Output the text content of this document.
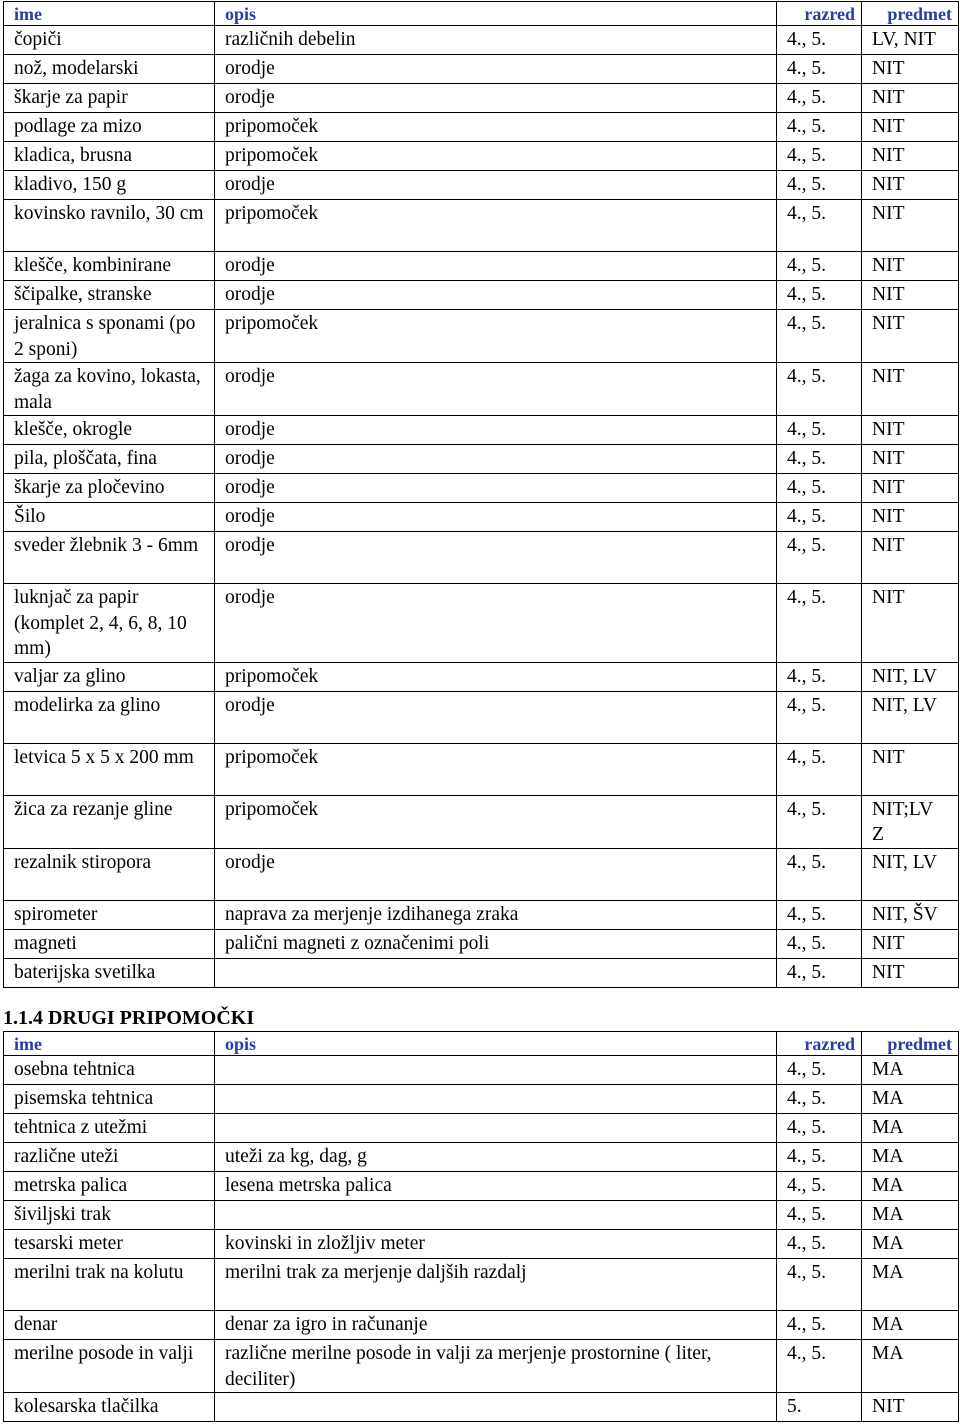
ime	opis	razred	predmet
čopiči	različnih debelin	4., 5.	LV, NIT
nož, modelarski	orodje	4., 5.	NIT
škarje za papir	orodje	4., 5.	NIT
podlage za mizo	pripomoček	4., 5.	NIT
kladica, brusna	pripomoček	4., 5.	NIT
kladivo, 150 g	orodje	4., 5.	NIT
kovinsko ravnilo, 30 cm	pripomoček	4., 5.	NIT
klešče, kombinirane	orodje	4., 5.	NIT
ščipalke, stranske	orodje	4., 5.	NIT
jeralnica s sponami (po 2 sponi)	pripomoček	4., 5.	NIT
žaga za kovino, lokasta, mala	orodje	4., 5.	NIT
klešče, okrogle	orodje	4., 5.	NIT
pila, ploščata, fina	orodje	4., 5.	NIT
škarje za pločevino	orodje	4., 5.	NIT
Šilo	orodje	4., 5.	NIT
sveder žlebnik 3 - 6mm	orodje	4., 5.	NIT
luknjač za papir (komplet 2, 4, 6, 8, 10 mm)	orodje	4., 5.	NIT
valjar za glino	pripomoček	4., 5.	NIT, LV
modelirka za glino	orodje	4., 5.	NIT, LV
letvica 5 x 5 x 200 mm	pripomoček	4., 5.	NIT
žica za rezanje gline	pripomoček	4., 5.	NIT;LV Z
rezalnik stiropora	orodje	4., 5.	NIT, LV
spirometer	naprava za merjenje izdihanega zraka	4., 5.	NIT, ŠV
magneti	palični magneti z označenimi poli	4., 5.	NIT
baterijska svetilka		4., 5.	NIT
1.1.4 DRUGI PRIPOMOČKI
ime	opis	razred	predmet
osebna tehtnica		4., 5.	MA
pisemska tehtnica		4., 5.	MA
tehtnica z utežmi		4., 5.	MA
različne uteži	uteži za kg, dag, g	4., 5.	MA
metrska palica	lesena metrska palica	4., 5.	MA
šiviljski trak		4., 5.	MA
tesarski meter	kovinski in zložljiv meter	4., 5.	MA
merilni trak na kolutu	merilni trak za merjenje daljših razdalj	4., 5.	MA
denar	denar za igro in računanje	4., 5.	MA
merilne posode in valji	različne merilne posode in valji za merjenje prostornine ( liter, deciliter)	4., 5.	MA
kolesarska tlačilka		5.	NIT
